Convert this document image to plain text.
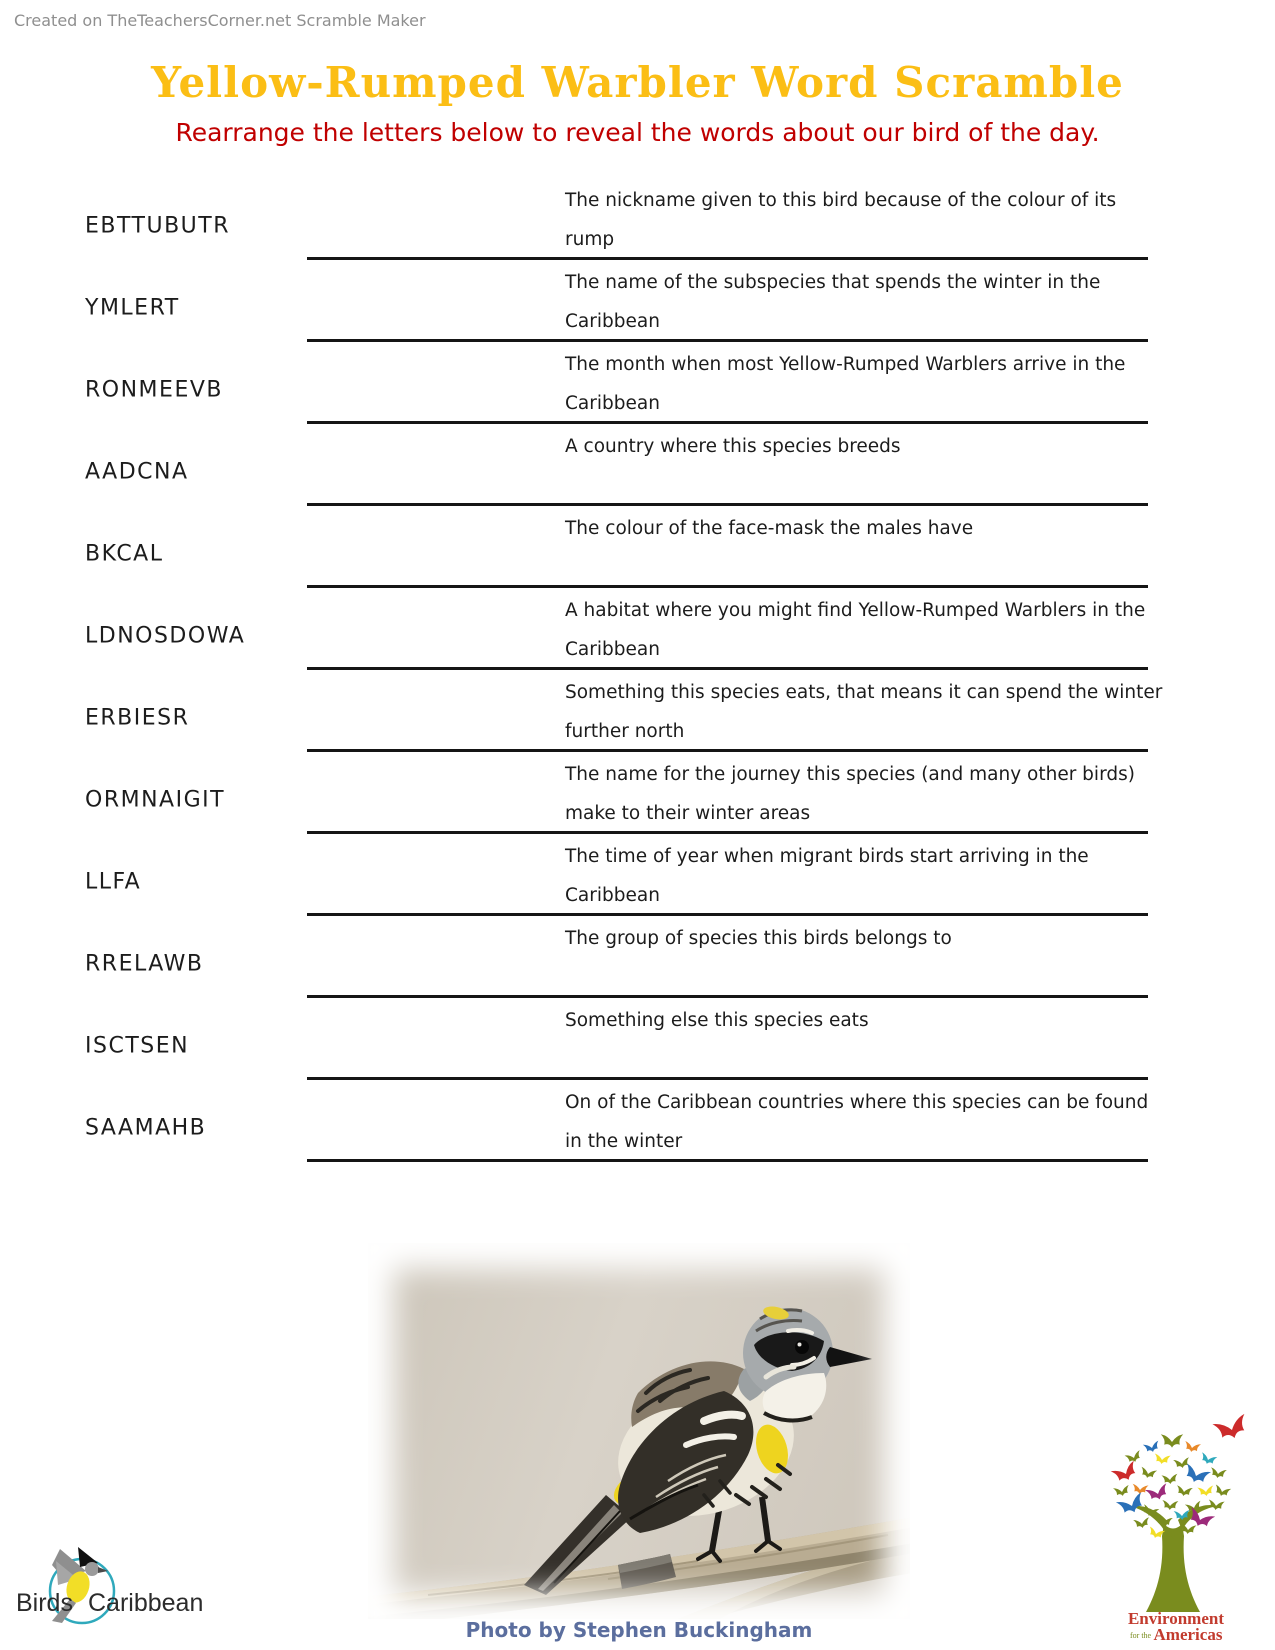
Created on TheTeachersCorner.net Scramble Maker
Yellow-Rumped Warbler Word Scramble
Rearrange the letters below to reveal the words about our bird of the day.
EBTTUBUTR
The nickname given to this bird because of the colour of its rump
YMLERT
The name of the subspecies that spends the winter in the Caribbean
RONMEEVB
The month when most Yellow-Rumped Warblers arrive in the Caribbean
AADCNA
A country where this species breeds
BKCAL
The colour of the face-mask the males have
LDNOSDOWA
A habitat where you might find Yellow-Rumped Warblers in the Caribbean
ERBIESR
Something this species eats, that means it can spend the winter further north
ORMNAIGIT
The name for the journey this species (and many other birds) make to their winter areas
LLFA
The time of year when migrant birds start arriving in the Caribbean
RRELAWB
The group of species this birds belongs to
ISCTSEN
Something else this species eats
SAAMAHB
On of the Caribbean countries where this species can be found in the winter
Photo by Stephen Buckingham
Birds Caribbean
Environment
for the Americas
